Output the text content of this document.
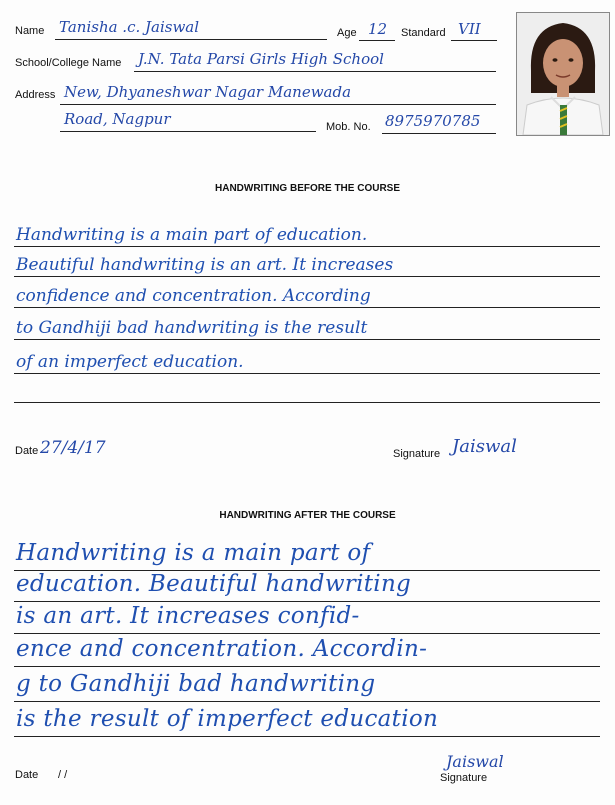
Name Tanisha .c. Jaiswal	Age 12 Standard VII
School/College Name J.N. Tata Parsi Girls High School
Address New, Dhyaneshwar Nagar Manewada
Road, Nagpur	Mob. No. 8975970785
HANDWRITING BEFORE THE COURSE
Handwriting is a main part of education.
Beautiful handwriting is an art. It increases
confidence and concentration. According
to Gandhiji bad handwriting is the result
of an imperfect education.
Date 27/4/17	Signature Jaiswal
HANDWRITING AFTER THE COURSE
Handwriting is a main part of
education. Beautiful handwriting
is an art. It increases confid-
ence and concentration. Accordin-
g to Gandhiji bad handwriting
is the result of imperfect education
Date / /
Jaiswal
Signature
